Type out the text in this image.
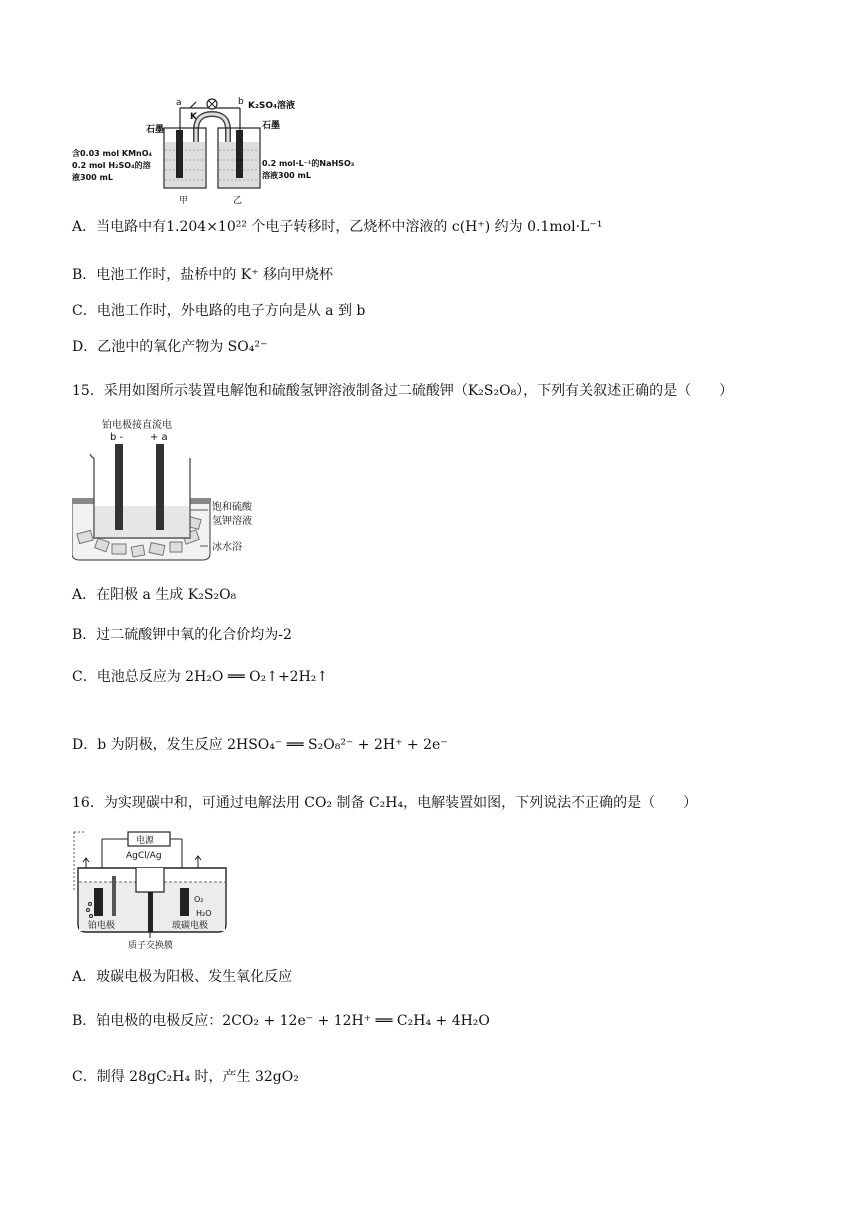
a
K
b K₂SO₄溶液
石墨	石墨
含0.03 mol KMnO₄
0.2 mol H₂SO₄的溶
液300 mL
0.2 mol·L⁻¹的NaHSO₃
溶液300 mL
甲	乙
A．当电路中有1.204×10²² 个电子转移时，乙烧杯中溶液的 c(H⁺) 约为 0.1mol·L⁻¹
B．电池工作时，盐桥中的 K⁺ 移向甲烧杯
C．电池工作时，外电路的电子方向是从 a 到 b
D．乙池中的氧化产物为 SO₄²⁻
15．采用如图所示装置电解饱和硫酸氢钾溶液制备过二硫酸钾（K₂S₂O₈），下列有关叙述正确的是（　　）
铂电极接直流电
b -	+ a
饱和硫酸
氢钾溶液
冰水浴
A．在阳极 a 生成 K₂S₂O₈
B．过二硫酸钾中氧的化合价均为-2
C．电池总反应为 2H₂O ══ O₂↑+2H₂↑
D．b 为阴极，发生反应 2HSO₄⁻ ══ S₂O₈²⁻ + 2H⁺ + 2e⁻
16．为实现碳中和，可通过电解法用 CO₂ 制备 C₂H₄，电解装置如图，下列说法不正确的是（　　）
电源
AgCl/Ag
O₂
H₂O
铂电极	玻碳电极
质子交换膜
A．玻碳电极为阳极、发生氧化反应
B．铂电极的电极反应：2CO₂ + 12e⁻ + 12H⁺ ══ C₂H₄ + 4H₂O
C．制得 28gC₂H₄ 时，产生 32gO₂
